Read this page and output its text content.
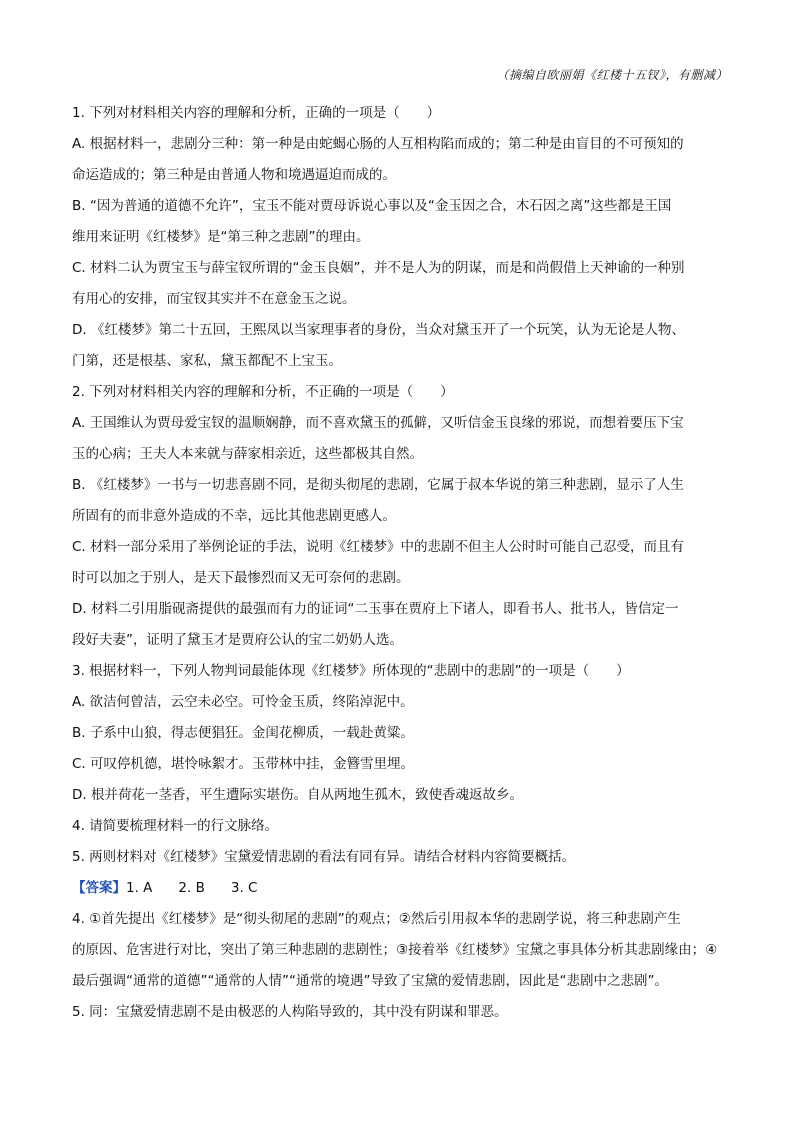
（摘编自欧丽娟《红楼十五钗》，有删减）
1. 下列对材料相关内容的理解和分析，正确的一项是（　　）
A. 根据材料一，悲剧分三种：第一种是由蛇蝎心肠的人互相构陷而成的；第二种是由盲目的不可预知的
命运造成的；第三种是由普通人物和境遇逼迫而成的。
B. “因为普通的道德不允许”，宝玉不能对贾母诉说心事以及“金玉因之合，木石因之离”这些都是王国
维用来证明《红楼梦》是“第三种之悲剧”的理由。
C. 材料二认为贾宝玉与薛宝钗所谓的“金玉良姻”，并不是人为的阴谋，而是和尚假借上天神谕的一种别
有用心的安排，而宝钗其实并不在意金玉之说。
D. 《红楼梦》第二十五回，王熙凤以当家理事者的身份，当众对黛玉开了一个玩笑，认为无论是人物、
门第，还是根基、家私，黛玉都配不上宝玉。
2. 下列对材料相关内容的理解和分析，不正确的一项是（　　）
A. 王国维认为贾母爱宝钗的温顺娴静，而不喜欢黛玉的孤僻，又听信金玉良缘的邪说，而想着要压下宝
玉的心病；王夫人本来就与薛家相亲近，这些都极其自然。
B. 《红楼梦》一书与一切悲喜剧不同，是彻头彻尾的悲剧，它属于叔本华说的第三种悲剧，显示了人生
所固有的而非意外造成的不幸，远比其他悲剧更感人。
C. 材料一部分采用了举例论证的手法，说明《红楼梦》中的悲剧不但主人公时时可能自己忍受，而且有
时可以加之于别人，是天下最惨烈而又无可奈何的悲剧。
D. 材料二引用脂砚斋提供的最强而有力的证词“二玉事在贾府上下诸人，即看书人、批书人，皆信定一
段好夫妻”，证明了黛玉才是贾府公认的宝二奶奶人选。
3. 根据材料一，下列人物判词最能体现《红楼梦》所体现的“悲剧中的悲剧”的一项是（　　）
A. 欲洁何曾洁，云空未必空。可怜金玉质，终陷淖泥中。
B. 子系中山狼，得志便猖狂。金闺花柳质，一载赴黄粱。
C. 可叹停机德，堪怜咏絮才。玉带林中挂，金簪雪里埋。
D. 根并荷花一茎香，平生遭际实堪伤。自从两地生孤木，致使香魂返故乡。
4. 请简要梳理材料一的行文脉络。
5. 两则材料对《红楼梦》宝黛爱情悲剧的看法有同有异。请结合材料内容简要概括。
【答案】1. A 2. B 3. C
4. ①首先提出《红楼梦》是“彻头彻尾的悲剧”的观点；②然后引用叔本华的悲剧学说，将三种悲剧产生
的原因、危害进行对比，突出了第三种悲剧的悲剧性；③接着举《红楼梦》宝黛之事具体分析其悲剧缘由；④
最后强调“通常的道德”“通常的人情”“通常的境遇”导致了宝黛的爱情悲剧，因此是“悲剧中之悲剧”。
5. 同：宝黛爱情悲剧不是由极恶的人构陷导致的，其中没有阴谋和罪恶。
